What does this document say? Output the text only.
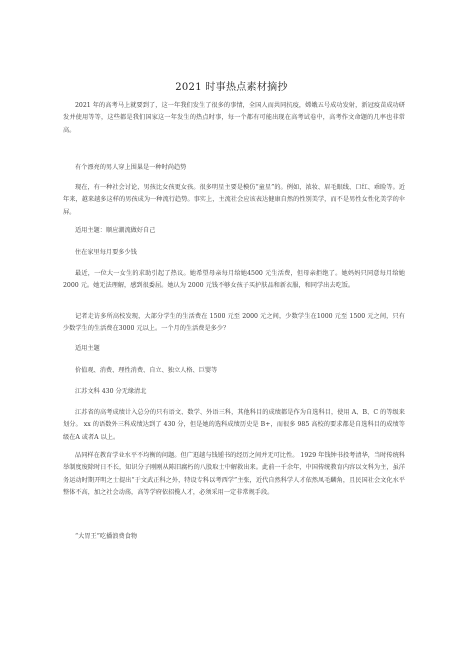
2021 时事热点素材摘抄
2021 年的高考马上就要到了，这一年我们发生了很多的事情，全国人而共同抗疫，嫦娥五号成功发射，新冠疫苗成功研发并使用等等，这些都是我们国家这一年发生的热点时事，每一个都有可能出现在高考试卷中，高考作文命题的几率也非常高。
有个漂亮的男人穿上围巢是一种时尚趋势
现在，有一种社会讨论，男孩比女孩更女孩。很多明星主要是模仿“童星”的。例如，浓妆、眉毛眼线、口红、乖睑等。近年来，越来越多这样的男孩成为一种流行趋势。事实上，主流社会应该表达健康自然的性别美学，而不是男性女性化美学的伞屏。
适用主题：顺应潮流做好自己
住在家里每月要多少钱
最近，一位大一女生的求助引起了热议。她希望母亲每月给她4500 元生活费，但母亲拒绝了。她妈妈只同意每月给她 2000 元。她无法理解，感到很委屈。她认为 2000 元钱不够女孩子买护肤品和新衣服，和同学出去吃饭。
记者走访多所高校发现，大部分学生的生活费在 1500 元至 2000 元之间，少数学生在1000 元至 1500 元之间，只有少数学生的生活费在3000 元以上。一个月的生活费是多少？
适用主题
价值观、消费、理性消费、自立、独立人格、巨婴等
江苏文科 430 分无缘清北
江苏省的高考成绩计入总分的只有语文、数学、外语三科，其他科目的成绩都是作为自选科目，使用 A、B、C 的等级来划分。 xx 的语数外三科成绩达到了 430 分，但是她的选科成绩历史是 B+，而很多 985 高校的要求都是自选科目的成绩等级在A 或者A 以上。
品同样在教育学业水平不均衡的问题。但广逛越与钱锺书的经历之间并无可比性。 1929 年钱钟书投考清华，当时传统科举制度废除时日不长，知识分子刚刚从陈旧腐朽的八股取士中解救出来。此前一千余年，中国传统教育内容以文科为主，虽洋务运动时期开明之士提出“于文武正科之外，特设专科以考西学”主张，近代自然科学人才依然凤毛麟角，且民国社会文化水平整体不高，加之社会动荡，高等学府依招揽人才，必须采用一定非常规手段。
“大胃王”吃播浪费食物
